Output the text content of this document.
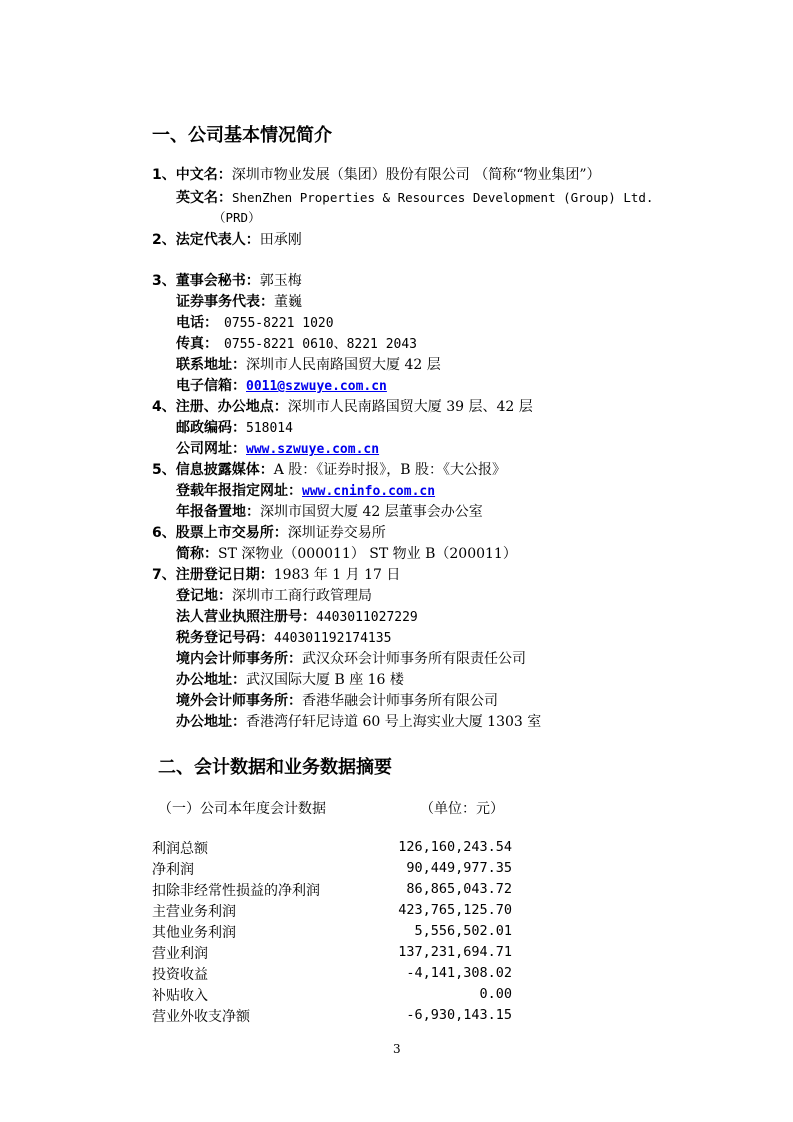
一、公司基本情况简介
1、 中文名 ： 深圳市物业发展（集团）股份有限公司 （简称“物业集团”）
英文名 ： ShenZhen Properties & Resources Development (Group) Ltd.
（PRD）
2、 法定代表人 ： 田承刚
3、 董事会秘书 ： 郭玉梅
证券事务代表 ： 董巍
电话 ： 0755-8221 1020
传真 ： 0755-8221 0610、8221 2043
联系地址 ： 深圳市人民南路国贸大厦 42 层
电子信箱 ： 0011@szwuye.com.cn
4、 注册、办公地点 ： 深圳市人民南路国贸大厦 39 层、42 层
邮政编码 ： 518014
公司网址 ： www.szwuye.com.cn
5、 信息披露媒体 ： A 股：《证券时报》，B 股：《大公报》
登载年报指定网址 ： www.cninfo.com.cn
年报备置地 ： 深圳市国贸大厦 42 层董事会办公室
6、 股票上市交易所 ： 深圳证券交易所
简称 ： ST 深物业（000011） ST 物业 B（200011）
7、 注册登记日期 ： 1983 年 1 月 17 日
登记地 ： 深圳市工商行政管理局
法人营业执照注册号 ： 4403011027229
税务登记号码 ： 440301192174135
境内会计师事务所 ： 武汉众环会计师事务所有限责任公司
办公地址 ： 武汉国际大厦 B 座 16 楼
境外会计师事务所 ： 香港华融会计师事务所有限公司
办公地址 ： 香港湾仔轩尼诗道 60 号上海实业大厦 1303 室
二、会计数据和业务数据摘要
（一）公司本年度会计数据	（单位：元）
利润总额	126,160,243.54
净利润	90,449,977.35
扣除非经常性损益的净利润	86,865,043.72
主营业务利润	423,765,125.70
其他业务利润	5,556,502.01
营业利润	137,231,694.71
投资收益	-4,141,308.02
补贴收入	0.00
营业外收支净额	-6,930,143.15
3
